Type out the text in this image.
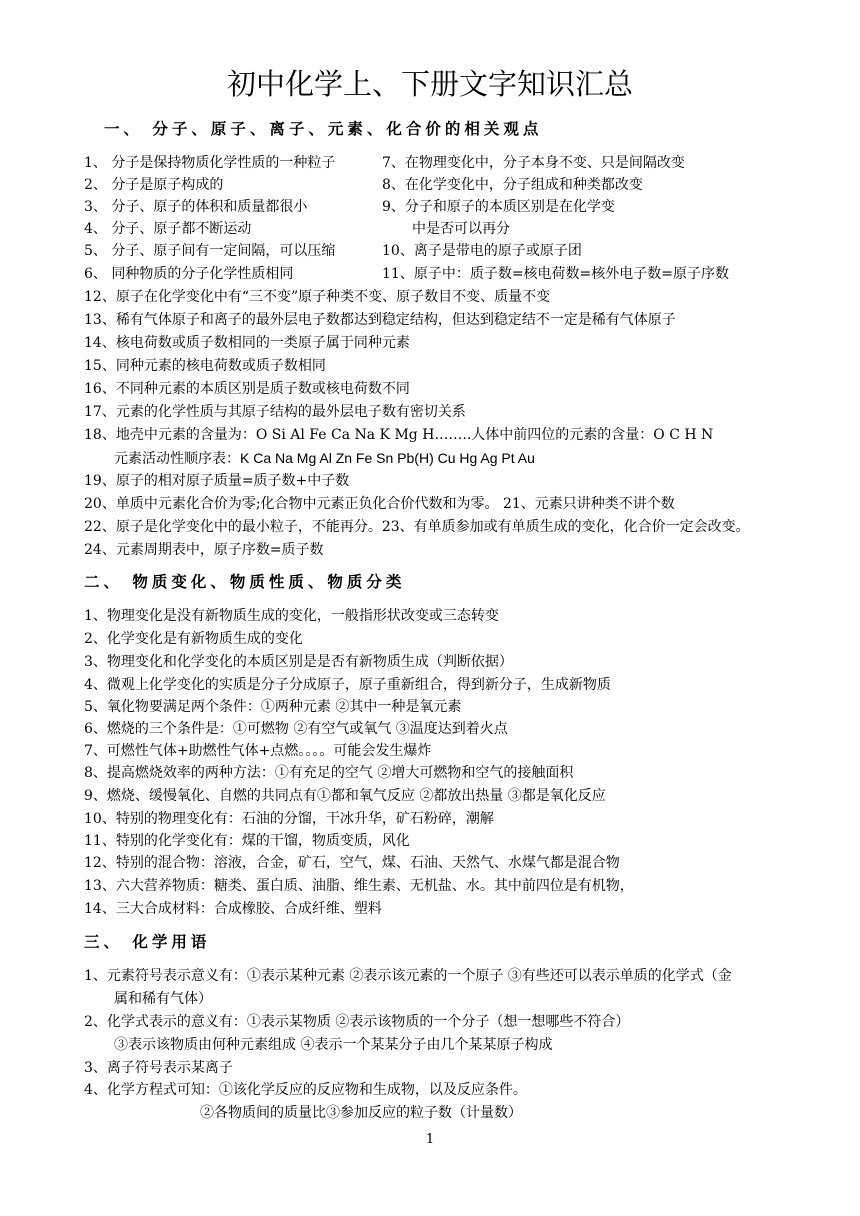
初中化学上、下册文字知识汇总
一、 分子、原子、离子、元素、化合价的相关观点
1、 分子是保持物质化学性质的一种粒子
2、 分子是原子构成的
3、 分子、原子的体积和质量都很小
4、 分子、原子都不断运动
5、 分子、原子间有一定间隔，可以压缩
6、 同种物质的分子化学性质相同
7、在物理变化中，分子本身不变、只是间隔改变
8、在化学变化中，分子组成和种类都改变
9、分子和原子的本质区别是在化学变
中是否可以再分
10、离子是带电的原子或原子团
11、原子中：质子数=核电荷数=核外电子数=原子序数
12、原子在化学变化中有“三不变”原子种类不变、原子数目不变、质量不变
13、稀有气体原子和离子的最外层电子数都达到稳定结构，但达到稳定结不一定是稀有气体原子
14、核电荷数或质子数相同的一类原子属于同种元素
15、同种元素的核电荷数或质子数相同
16、不同种元素的本质区别是质子数或核电荷数不同
17、元素的化学性质与其原子结构的最外层电子数有密切关系
18、地壳中元素的含量为：O Si Al Fe Ca Na K Mg H……..人体中前四位的元素的含量：O C H N
元素活动性顺序表：K Ca Na Mg Al Zn Fe Sn Pb(H) Cu Hg Ag Pt Au
19、原子的相对原子质量=质子数+中子数
20、单质中元素化合价为零;化合物中元素正负化合价代数和为零。 21、元素只讲种类不讲个数
22、原子是化学变化中的最小粒子，不能再分。23、有单质参加或有单质生成的变化，化合价一定会改变。
24、元素周期表中，原子序数=质子数
二、 物质变化、物质性质、物质分类
1、物理变化是没有新物质生成的变化，一般指形状改变或三态转变
2、化学变化是有新物质生成的变化
3、物理变化和化学变化的本质区别是是否有新物质生成（判断依据）
4、微观上化学变化的实质是分子分成原子，原子重新组合，得到新分子，生成新物质
5、氧化物要满足两个条件：①两种元素 ②其中一种是氧元素
6、燃烧的三个条件是：①可燃物 ②有空气或氧气 ③温度达到着火点
7、可燃性气体+助燃性气体+点燃。。。。可能会发生爆炸
8、提高燃烧效率的两种方法：①有充足的空气 ②增大可燃物和空气的接触面积
9、燃烧、缓慢氧化、自燃的共同点有①都和氧气反应 ②都放出热量 ③都是氧化反应
10、特别的物理变化有：石油的分馏，干冰升华，矿石粉碎，潮解
11、特别的化学变化有：煤的干馏，物质变质，风化
12、特别的混合物：溶液，合金，矿石，空气，煤、石油、天然气、水煤气都是混合物
13、六大营养物质：糖类、蛋白质、油脂、维生素、无机盐、水。其中前四位是有机物，
14、三大合成材料：合成橡胶、合成纤维、塑料
三、 化学用语
1、元素符号表示意义有：①表示某种元素 ②表示该元素的一个原子 ③有些还可以表示单质的化学式（金
属和稀有气体）
2、化学式表示的意义有：①表示某物质 ②表示该物质的一个分子（想一想哪些不符合）
③表示该物质由何种元素组成 ④表示一个某某分子由几个某某原子构成
3、离子符号表示某离子
4、化学方程式可知：①该化学反应的反应物和生成物，以及反应条件。
②各物质间的质量比③参加反应的粒子数（计量数）
1
